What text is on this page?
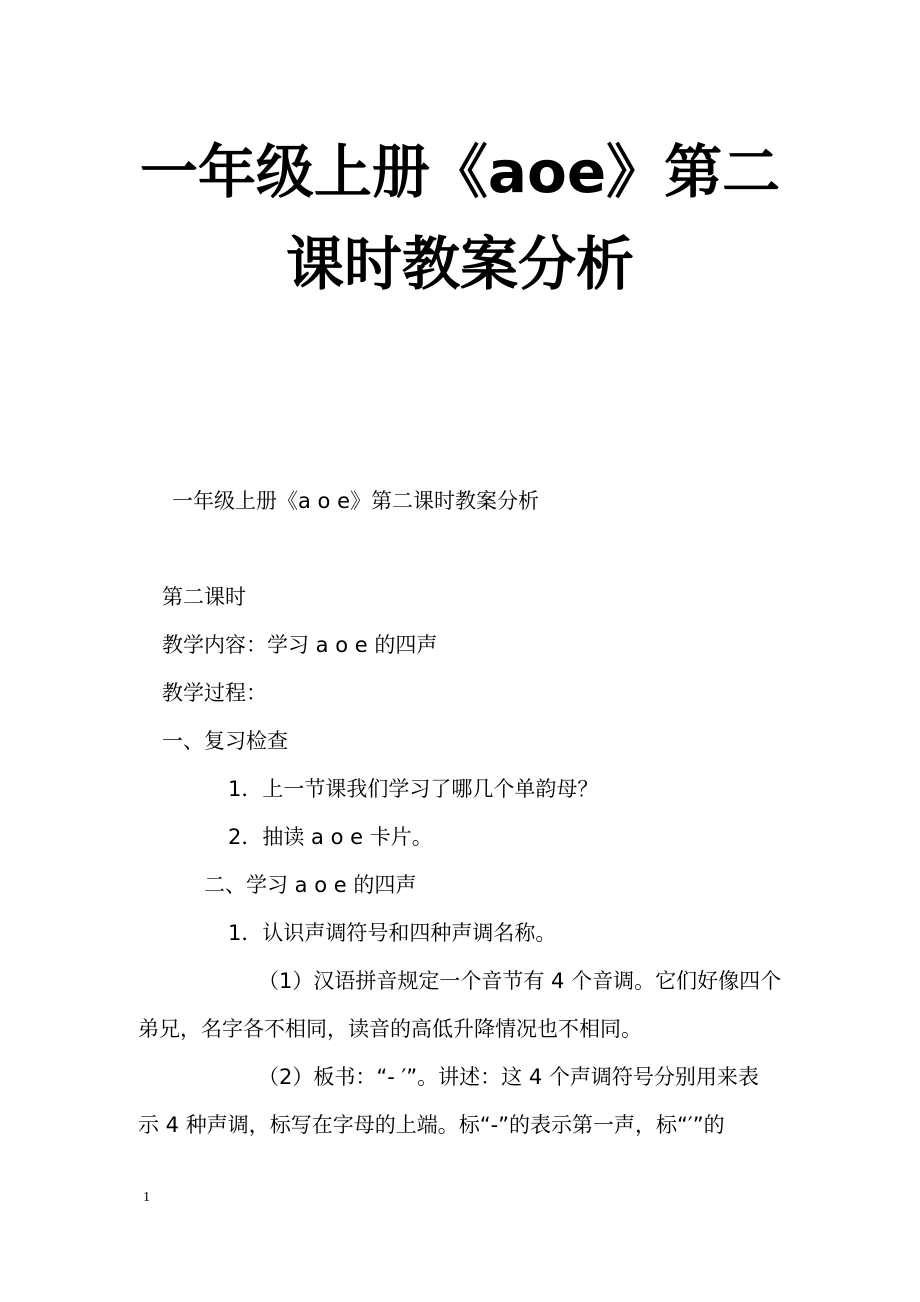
一年级上册《aoe》第二
课时教案分析
一年级上册《a o e》第二课时教案分析
第二课时
教学内容：学习 a o e 的四声
教学过程：
一、复习检查
1．上一节课我们学习了哪几个单韵母？
2．抽读 a o e 卡片。
二、学习 a o e 的四声
1．认识声调符号和四种声调名称。
（1）汉语拼音规定一个音节有 4 个音调。它们好像四个
弟兄，名字各不相同，读音的高低升降情况也不相同。
（2）板书：“- ′”。讲述：这 4 个声调符号分别用来表
示 4 种声调，标写在字母的上端。标“-”的表示第一声，标“′”的
1
